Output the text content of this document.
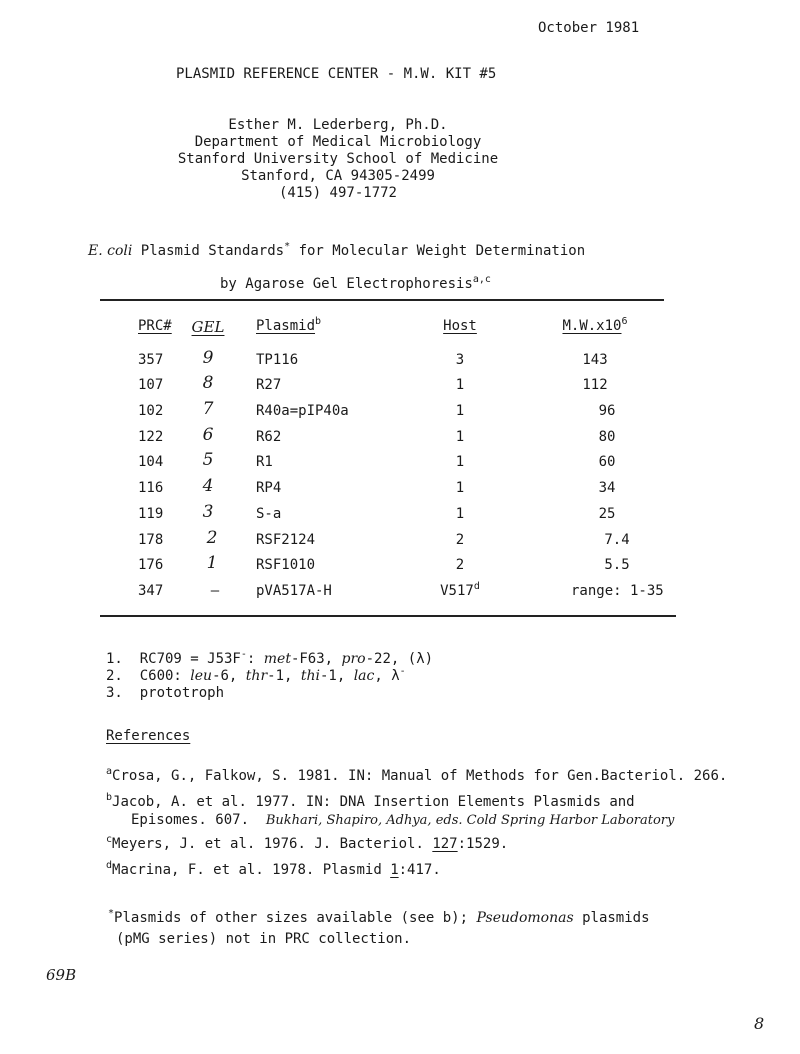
October 1981
PLASMID REFERENCE CENTER - M.W. KIT #5
Esther M. Lederberg, Ph.D.
Department of Medical Microbiology
Stanford University School of Medicine
Stanford, CA 94305-2499
(415) 497-1772
E. coli Plasmid Standards* for Molecular Weight Determination
by Agarose Gel Electrophoresis$^{a,c}$
PRC# GEL Plasmid$^b$	Host	$M.W.x10^6$
357	9	TP116	3	143
107	8	R27	1	112
102	7	R40a=pIP40a	1	96
122	6	R62	1	80
104	5	R1	1	60
116	4	RP4	1	34
119	3	S-a	1	25
178	2	RSF2124	2	7.4
176	1	RSF1010	2	5.5
347	—	pVA517A-H	V517$^d$	range: 1-35
1. RC709 = J53F-: met-F63, pro-22, (λ)
2. C600: leu-6, thr-1, thi-1, lac, λ-
3. prototroph
References
$^a$Crosa, G., Falkow, S. 1981. IN: Manual of Methods for Gen.Bacteriol. 266.
$^b$Jacob, A. et al. 1977. IN: DNA Insertion Elements Plasmids and
Episomes. 607. Bukhari, Shapiro, Adhya, eds. Cold Spring Harbor Laboratory
$^c$Meyers, J. et al. 1976. J. Bacteriol. 127:1529.
$^d$Macrina, F. et al. 1978. Plasmid 1:417.
*Plasmids of other sizes available (see b); Pseudomonas plasmids
(pMG series) not in PRC collection.
69B
8
